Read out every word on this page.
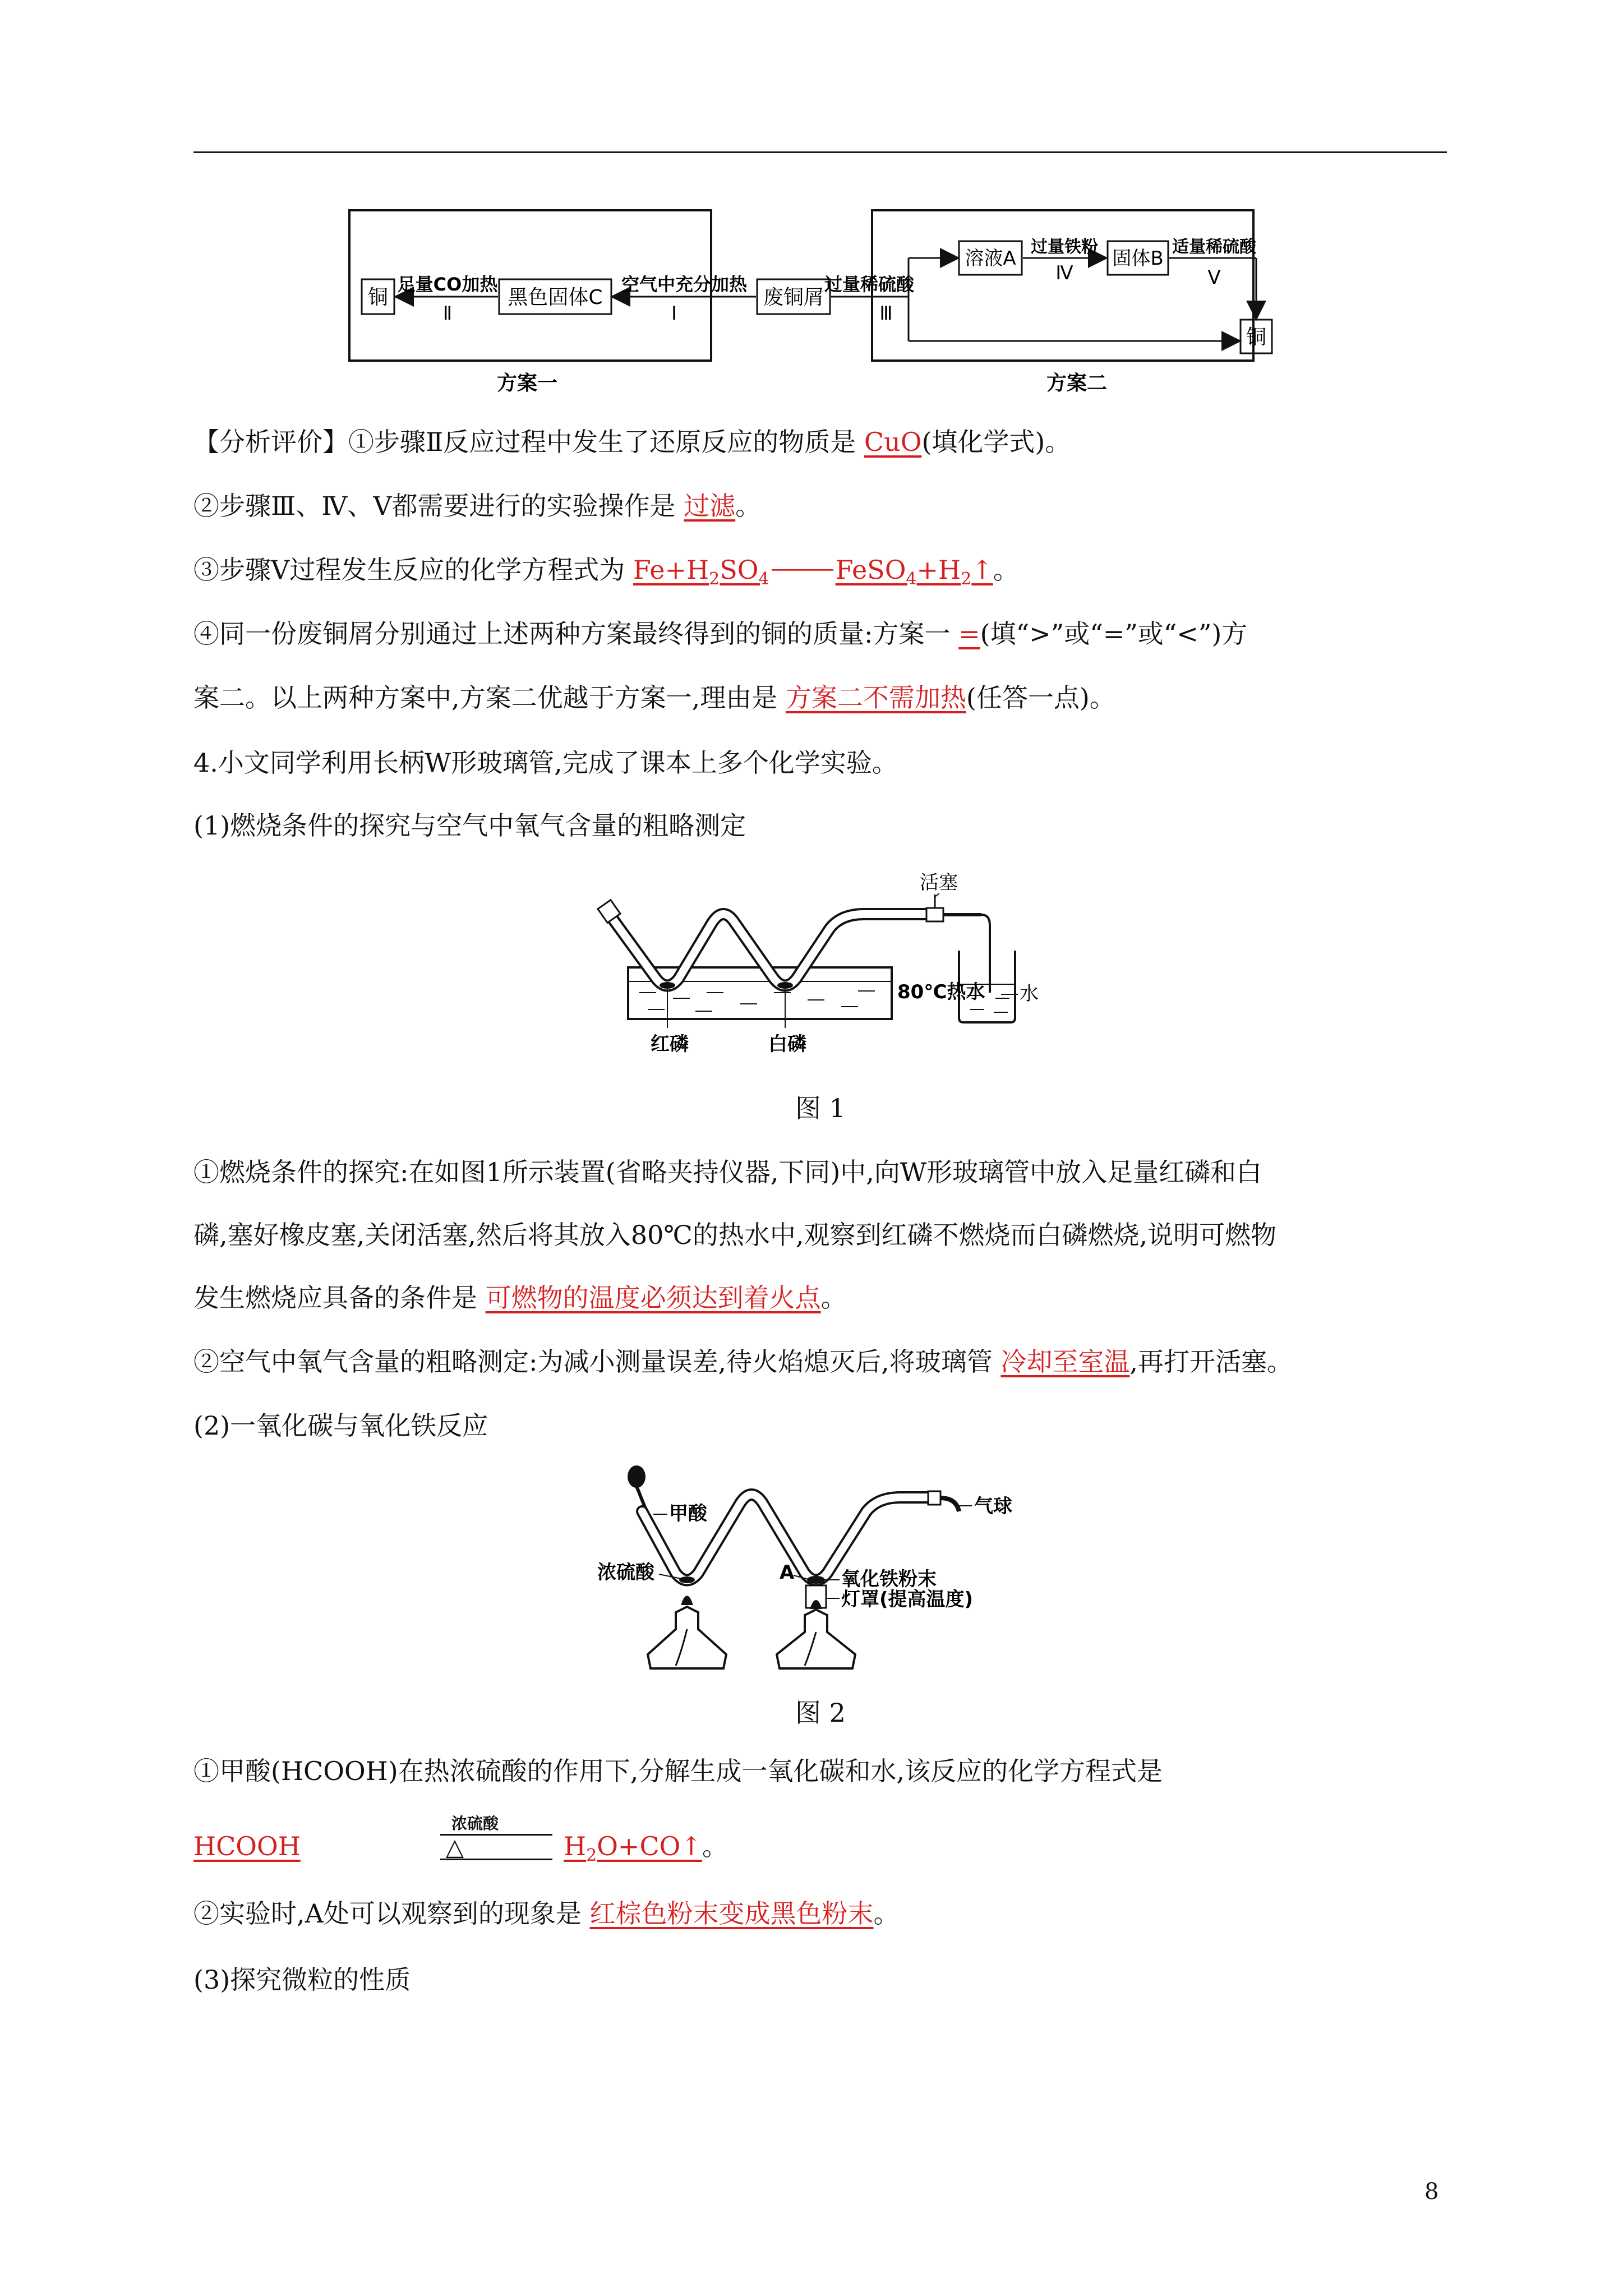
铜	黑色固体C	废铜屑
空气中充分加热
Ⅰ
足量CO加热
Ⅱ
过量稀硫酸
Ⅲ
溶液A
过量铁粉
Ⅳ
固体B
适量稀硫酸
Ⅴ
铜
方案一	方案二
【分析评价】①步骤Ⅱ反应过程中发生了还原反应的物质是 CuO(填化学式)。
②步骤Ⅲ、Ⅳ、Ⅴ都需要进行的实验操作是 过滤。
③步骤Ⅴ过程发生反应的化学方程式为 $Fe+H_2SO_4$	$FeSO_4+H_2↑$。
④同一份废铜屑分别通过上述两种方案最终得到的铜的质量:方案一 =(填“>”或“=”或“<”)方
案二。以上两种方案中,方案二优越于方案一,理由是 方案二不需加热(任答一点)。
4.小文同学利用长柄W形玻璃管,完成了课本上多个化学实验。
(1)燃烧条件的探究与空气中氧气含量的粗略测定
活塞
80℃热水 水
红磷	白磷
图 1
①燃烧条件的探究:在如图1所示装置(省略夹持仪器,下同)中,向W形玻璃管中放入足量红磷和白
磷,塞好橡皮塞,关闭活塞,然后将其放入80℃的热水中,观察到红磷不燃烧而白磷燃烧,说明可燃物
发生燃烧应具备的条件是 可燃物的温度必须达到着火点。
②空气中氧气含量的粗略测定:为减小测量误差,待火焰熄灭后,将玻璃管 冷却至室温,再打开活塞。
(2)一氧化碳与氧化铁反应
甲酸	气球
浓硫酸	A 氧化铁粉末
灯罩(提高温度)
图 2
①甲酸(HCOOH)在热浓硫酸的作用下,分解生成一氧化碳和水,该反应的化学方程式是
浓硫酸
HCOOH	△	$H_2O+CO↑$。
②实验时,A处可以观察到的现象是 红棕色粉末变成黑色粉末。
(3)探究微粒的性质
8
